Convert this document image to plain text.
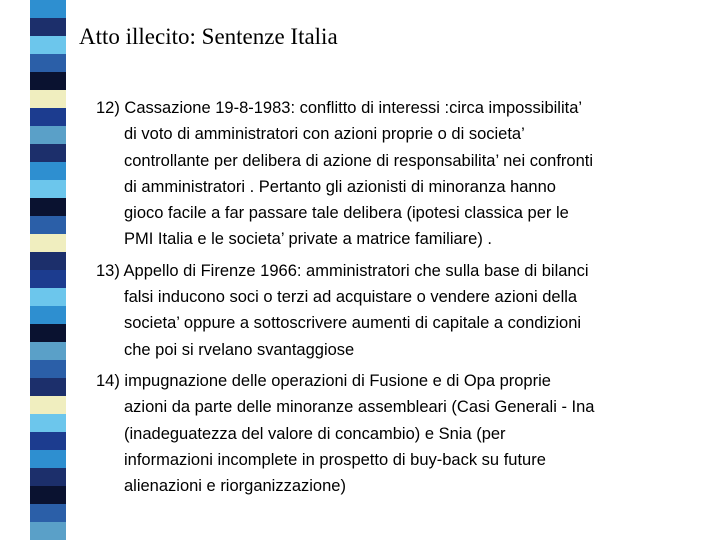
Atto illecito: Sentenze Italia
12) Cassazione 19-8-1983: conflitto di interessi :circa impossibilita’
di voto di amministratori con azioni proprie o di societa’
controllante per delibera di azione di responsabilita’ nei confronti
di amministratori . Pertanto gli azionisti di minoranza hanno
gioco facile a far passare tale delibera (ipotesi classica per le
PMI Italia e le societa’ private a matrice familiare) .
13) Appello di Firenze 1966: amministratori che sulla base di bilanci
falsi inducono soci o terzi ad acquistare o vendere azioni della
societa’ oppure a sottoscrivere aumenti di capitale a condizioni
che poi si rvelano svantaggiose
14) impugnazione delle operazioni di Fusione e di Opa proprie
azioni da parte delle minoranze assembleari (Casi Generali - Ina
(inadeguatezza del valore di concambio) e Snia (per
informazioni incomplete in prospetto di buy-back su future
alienazioni e riorganizzazione)
